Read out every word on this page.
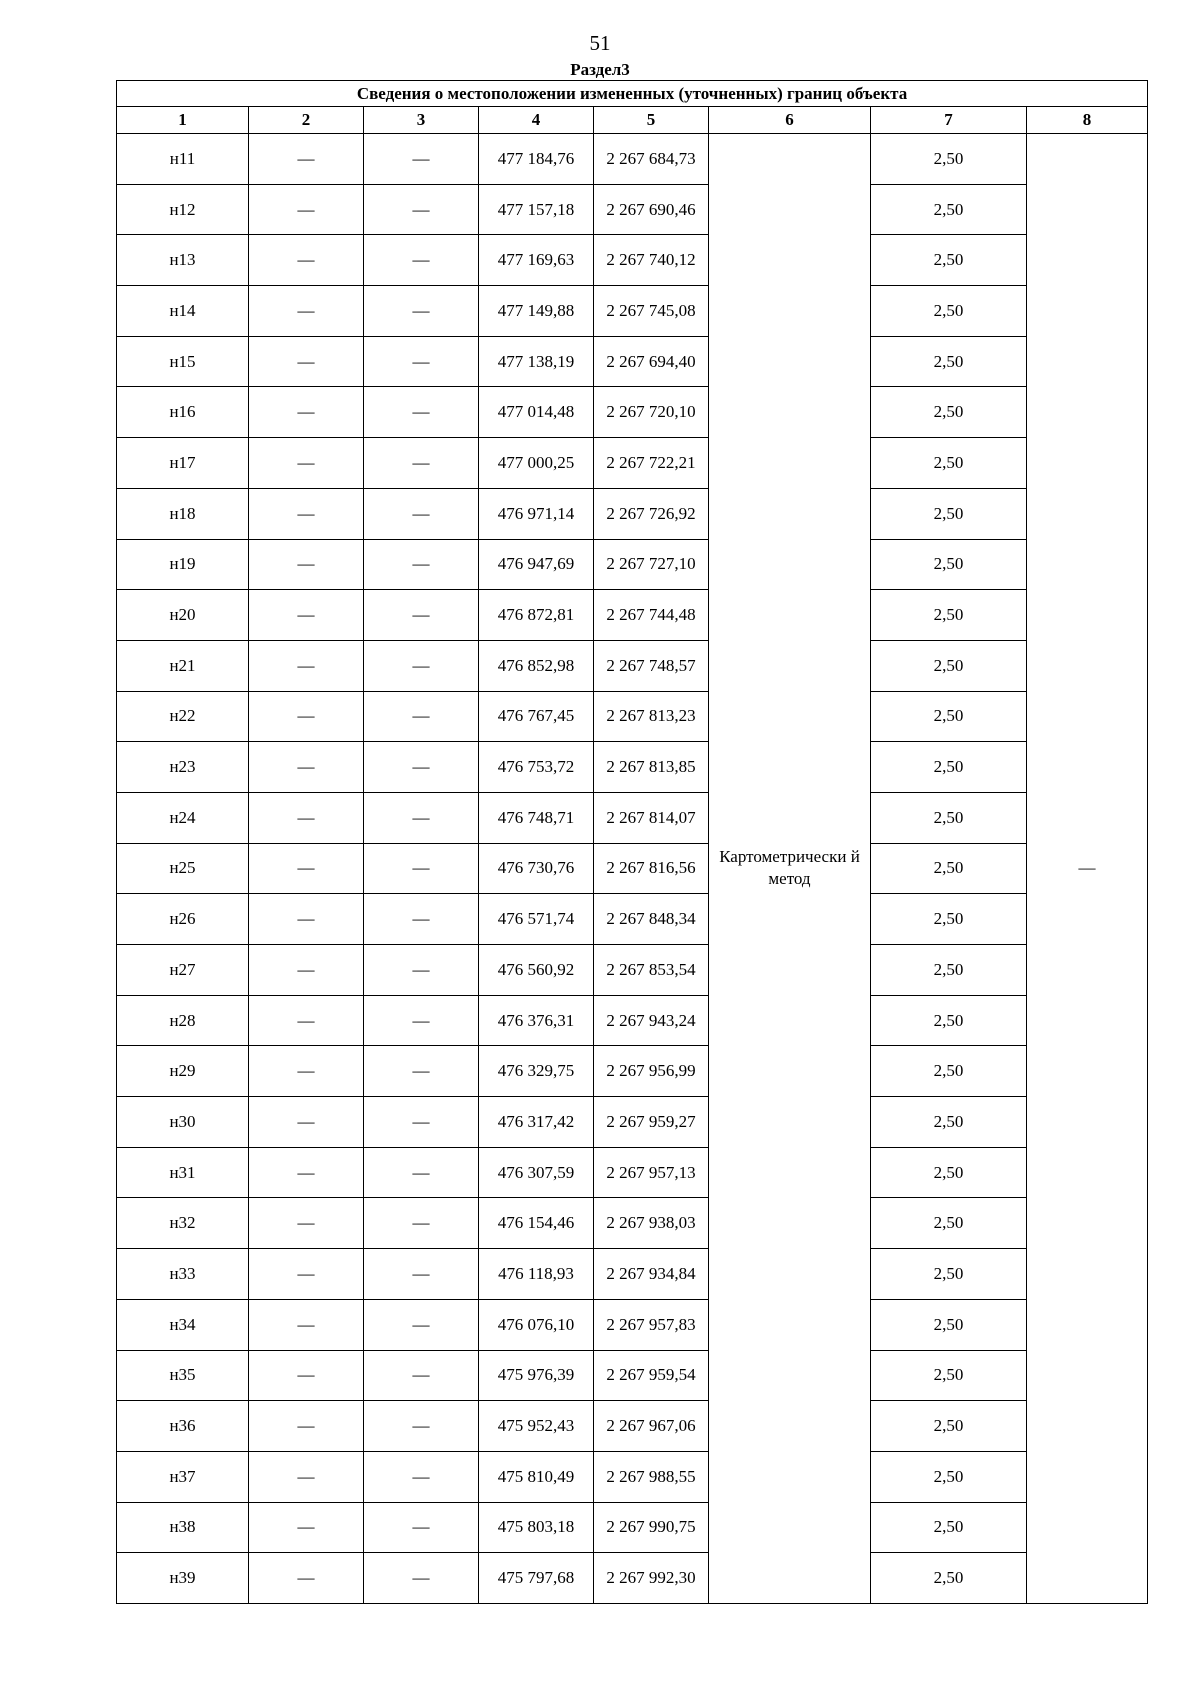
51
Раздел3
Сведения о местоположении измененных (уточненных) границ объекта							
1	2	3	4	5	6	7	8
н11	—	—	477 184,76	2 267 684,73	Картометрически й метод	2,50	—
н12	—	—	477 157,18	2 267 690,46		2,50	
н13	—	—	477 169,63	2 267 740,12		2,50	
н14	—	—	477 149,88	2 267 745,08		2,50	
н15	—	—	477 138,19	2 267 694,40		2,50	
н16	—	—	477 014,48	2 267 720,10		2,50	
н17	—	—	477 000,25	2 267 722,21		2,50	
н18	—	—	476 971,14	2 267 726,92		2,50	
н19	—	—	476 947,69	2 267 727,10		2,50	
н20	—	—	476 872,81	2 267 744,48		2,50	
н21	—	—	476 852,98	2 267 748,57		2,50	
н22	—	—	476 767,45	2 267 813,23		2,50	
н23	—	—	476 753,72	2 267 813,85		2,50	
н24	—	—	476 748,71	2 267 814,07		2,50	
н25	—	—	476 730,76	2 267 816,56		2,50	
н26	—	—	476 571,74	2 267 848,34		2,50	
н27	—	—	476 560,92	2 267 853,54		2,50	
н28	—	—	476 376,31	2 267 943,24		2,50	
н29	—	—	476 329,75	2 267 956,99		2,50	
н30	—	—	476 317,42	2 267 959,27		2,50	
н31	—	—	476 307,59	2 267 957,13		2,50	
н32	—	—	476 154,46	2 267 938,03		2,50	
н33	—	—	476 118,93	2 267 934,84		2,50	
н34	—	—	476 076,10	2 267 957,83		2,50	
н35	—	—	475 976,39	2 267 959,54		2,50	
н36	—	—	475 952,43	2 267 967,06		2,50	
н37	—	—	475 810,49	2 267 988,55		2,50	
н38	—	—	475 803,18	2 267 990,75		2,50	
н39	—	—	475 797,68	2 267 992,30		2,50	
